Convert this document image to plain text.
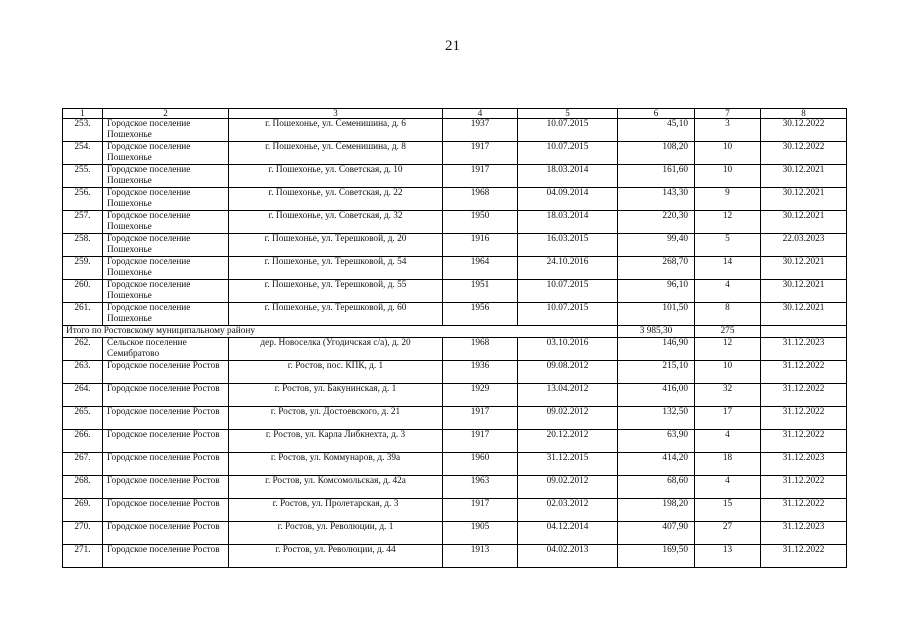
21
1	2	3	4	5	6	7	8
253.	Городское поселение Пошехонье	г. Пошехонье, ул. Семенишина, д. 6	1937	10.07.2015	45,10	3	30.12.2022
254.	Городское поселение Пошехонье	г. Пошехонье, ул. Семенишина, д. 8	1917	10.07.2015	108,20	10	30.12.2022
255.	Городское поселение Пошехонье	г. Пошехонье, ул. Советская, д. 10	1917	18.03.2014	161,60	10	30.12.2021
256.	Городское поселение Пошехонье	г. Пошехонье, ул. Советская, д. 22	1968	04.09.2014	143,30	9	30.12.2021
257.	Городское поселение Пошехонье	г. Пошехонье, ул. Советская, д. 32	1950	18.03.2014	220,30	12	30.12.2021
258.	Городское поселение Пошехонье	г. Пошехонье, ул. Терешковой, д. 20	1916	16.03.2015	99,40	5	22.03.2023
259.	Городское поселение Пошехонье	г. Пошехонье, ул. Терешковой, д. 54	1964	24.10.2016	268,70	14	30.12.2021
260.	Городское поселение Пошехонье	г. Пошехонье, ул. Терешковой, д. 55	1951	10.07.2015	96,10	4	30.12.2021
261.	Городское поселение Пошехонье	г. Пошехонье, ул. Терешковой, д. 60	1956	10.07.2015	101,50	8	30.12.2021
Итого по Ростовскому муниципальному району					3 985,30	275	
262.	Сельское поселение Семибратово	дер. Новоселка (Угодичская с/а), д. 20	1968	03.10.2016	146,90	12	31.12.2023
263.	Городское поселение Ростов	г. Ростов, пос. КПК, д. 1	1936	09.08.2012	215,10	10	31.12.2022
264.	Городское поселение Ростов	г. Ростов, ул. Бакунинская, д. 1	1929	13.04.2012	416,00	32	31.12.2022
265.	Городское поселение Ростов	г. Ростов, ул. Достоевского, д. 21	1917	09.02.2012	132,50	17	31.12.2022
266.	Городское поселение Ростов	г. Ростов, ул. Карла Либкнехта, д. 3	1917	20.12.2012	63,90	4	31.12.2022
267.	Городское поселение Ростов	г. Ростов, ул. Коммунаров, д. 39а	1960	31.12.2015	414,20	18	31.12.2023
268.	Городское поселение Ростов	г. Ростов, ул. Комсомольская, д. 42а	1963	09.02.2012	68,60	4	31.12.2022
269.	Городское поселение Ростов	г. Ростов, ул. Пролетарская, д. 3	1917	02.03.2012	198,20	15	31.12.2022
270.	Городское поселение Ростов	г. Ростов, ул. Революции, д. 1	1905	04.12.2014	407,90	27	31.12.2023
271.	Городское поселение Ростов	г. Ростов, ул. Революции, д. 44	1913	04.02.2013	169,50	13	31.12.2022
